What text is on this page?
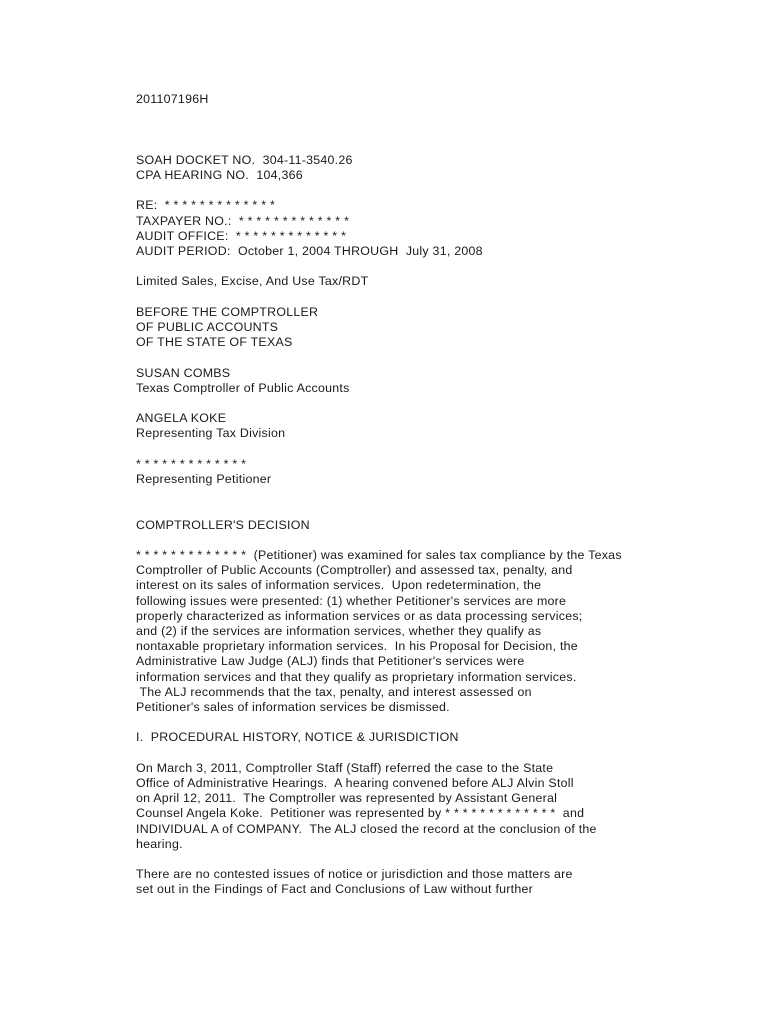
201107196H
SOAH DOCKET NO.  304-11-3540.26
CPA HEARING NO.  104,366
RE:  * * * * * * * * * * * * *
TAXPAYER NO.:  * * * * * * * * * * * * *
AUDIT OFFICE:  * * * * * * * * * * * * *
AUDIT PERIOD:  October 1, 2004 THROUGH  July 31, 2008
Limited Sales, Excise, And Use Tax/RDT
BEFORE THE COMPTROLLER
OF PUBLIC ACCOUNTS
OF THE STATE OF TEXAS
SUSAN COMBS
Texas Comptroller of Public Accounts
ANGELA KOKE
Representing Tax Division
* * * * * * * * * * * * *
Representing Petitioner
COMPTROLLER'S DECISION
* * * * * * * * * * * * *  (Petitioner) was examined for sales tax compliance by the Texas
Comptroller of Public Accounts (Comptroller) and assessed tax, penalty, and
interest on its sales of information services.  Upon redetermination, the
following issues were presented: (1) whether Petitioner's services are more
properly characterized as information services or as data processing services;
and (2) if the services are information services, whether they qualify as
nontaxable proprietary information services.  In his Proposal for Decision, the
Administrative Law Judge (ALJ) finds that Petitioner's services were
information services and that they qualify as proprietary information services.
The ALJ recommends that the tax, penalty, and interest assessed on
Petitioner's sales of information services be dismissed.
I.  PROCEDURAL HISTORY, NOTICE & JURISDICTION
On March 3, 2011, Comptroller Staff (Staff) referred the case to the State
Office of Administrative Hearings.  A hearing convened before ALJ Alvin Stoll
on April 12, 2011.  The Comptroller was represented by Assistant General
Counsel Angela Koke.  Petitioner was represented by * * * * * * * * * * * * *  and
INDIVIDUAL A of COMPANY.  The ALJ closed the record at the conclusion of the
hearing.
There are no contested issues of notice or jurisdiction and those matters are
set out in the Findings of Fact and Conclusions of Law without further
